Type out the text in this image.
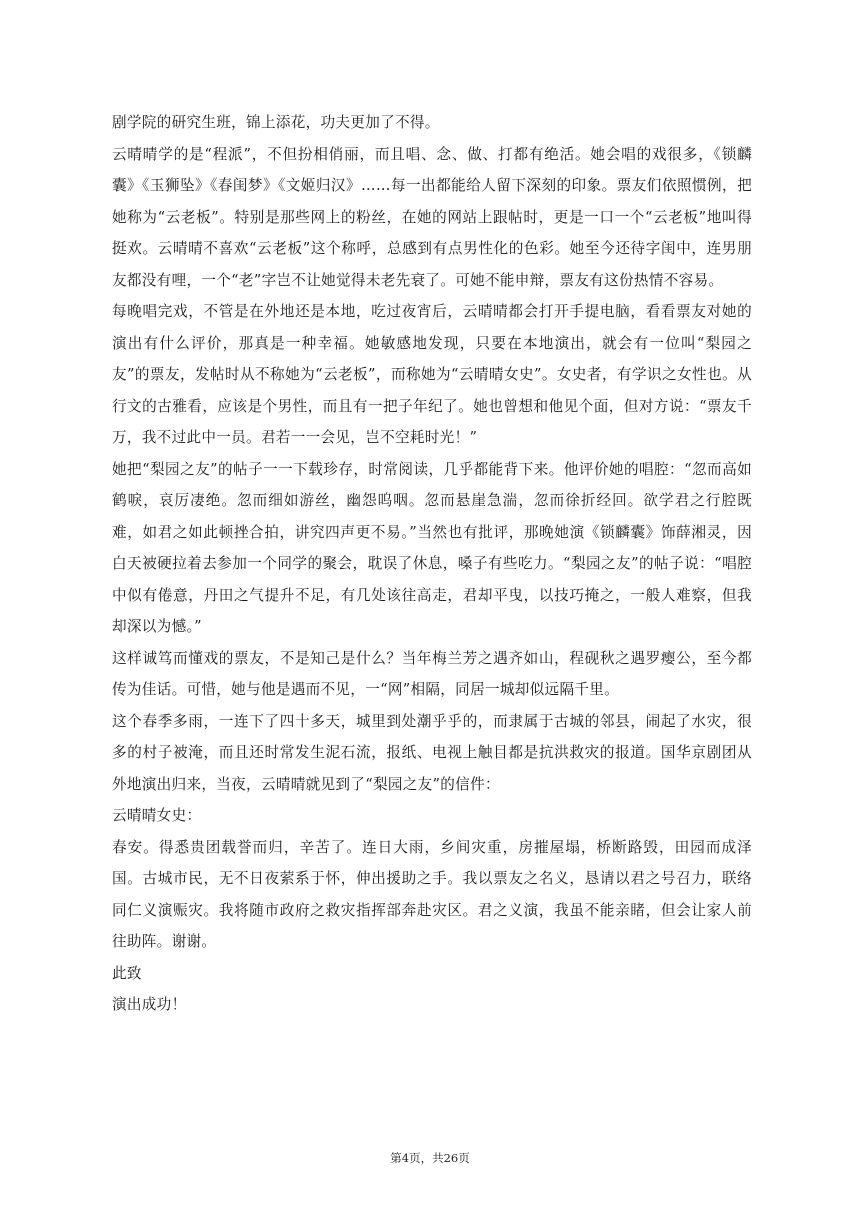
剧学院的研究生班，锦上添花，功夫更加了不得。

云晴晴学的是“程派”，不但扮相俏丽，而且唱、念、做、打都有绝活。她会唱的戏很多，《锁麟囊》《玉狮坠》《春闺梦》《文姬归汉》……每一出都能给人留下深刻的印象。票友们依照惯例，把她称为“云老板”。特别是那些网上的粉丝，在她的网站上跟帖时，更是一口一个“云老板”地叫得挺欢。云晴晴不喜欢“云老板”这个称呼，总感到有点男性化的色彩。她至今还待字闺中，连男朋友都没有哩，一个“老”字岂不让她觉得未老先衰了。可她不能申辩，票友有这份热情不容易。

每晚唱完戏，不管是在外地还是本地，吃过夜宵后，云晴晴都会打开手提电脑，看看票友对她的演出有什么评价，那真是一种幸福。她敏感地发现，只要在本地演出，就会有一位叫“梨园之友”的票友，发帖时从不称她为“云老板”，而称她为“云晴晴女史”。女史者，有学识之女性也。从行文的古雅看，应该是个男性，而且有一把子年纪了。她也曾想和他见个面，但对方说：“票友千万，我不过此中一员。君若一一会见，岂不空耗时光！”

她把“梨园之友”的帖子一一下载珍存，时常阅读，几乎都能背下来。他评价她的唱腔：“忽而高如鹤唳，哀厉凄绝。忽而细如游丝，幽怨呜咽。忽而悬崖急湍，忽而徐折经回。欲学君之行腔既难，如君之如此顿挫合拍，讲究四声更不易。”当然也有批评，那晚她演《锁麟囊》饰薛湘灵，因白天被硬拉着去参加一个同学的聚会，耽误了休息，嗓子有些吃力。“梨园之友”的帖子说：“唱腔中似有倦意，丹田之气提升不足，有几处该往高走，君却平曳，以技巧掩之，一般人难察，但我却深以为憾。”

这样诚笃而懂戏的票友，不是知己是什么？当年梅兰芳之遇齐如山，程砚秋之遇罗瘿公，至今都传为佳话。可惜，她与他是遇而不见，一“网”相隔，同居一城却似远隔千里。

这个春季多雨，一连下了四十多天，城里到处潮乎乎的，而隶属于古城的邻县，闹起了水灾，很多的村子被淹，而且还时常发生泥石流，报纸、电视上触目都是抗洪救灾的报道。国华京剧团从外地演出归来，当夜，云晴晴就见到了“梨园之友”的信件：

云晴晴女史：

春安。得悉贵团载誉而归，辛苦了。连日大雨，乡间灾重，房摧屋塌，桥断路毁，田园而成泽国。古城市民，无不日夜萦系于怀，伸出援助之手。我以票友之名义，恳请以君之号召力，联络同仁义演赈灾。我将随市政府之救灾指挥部奔赴灾区。君之义演，我虽不能亲睹，但会让家人前往助阵。谢谢。

此致

演出成功！

第4页，共26页
